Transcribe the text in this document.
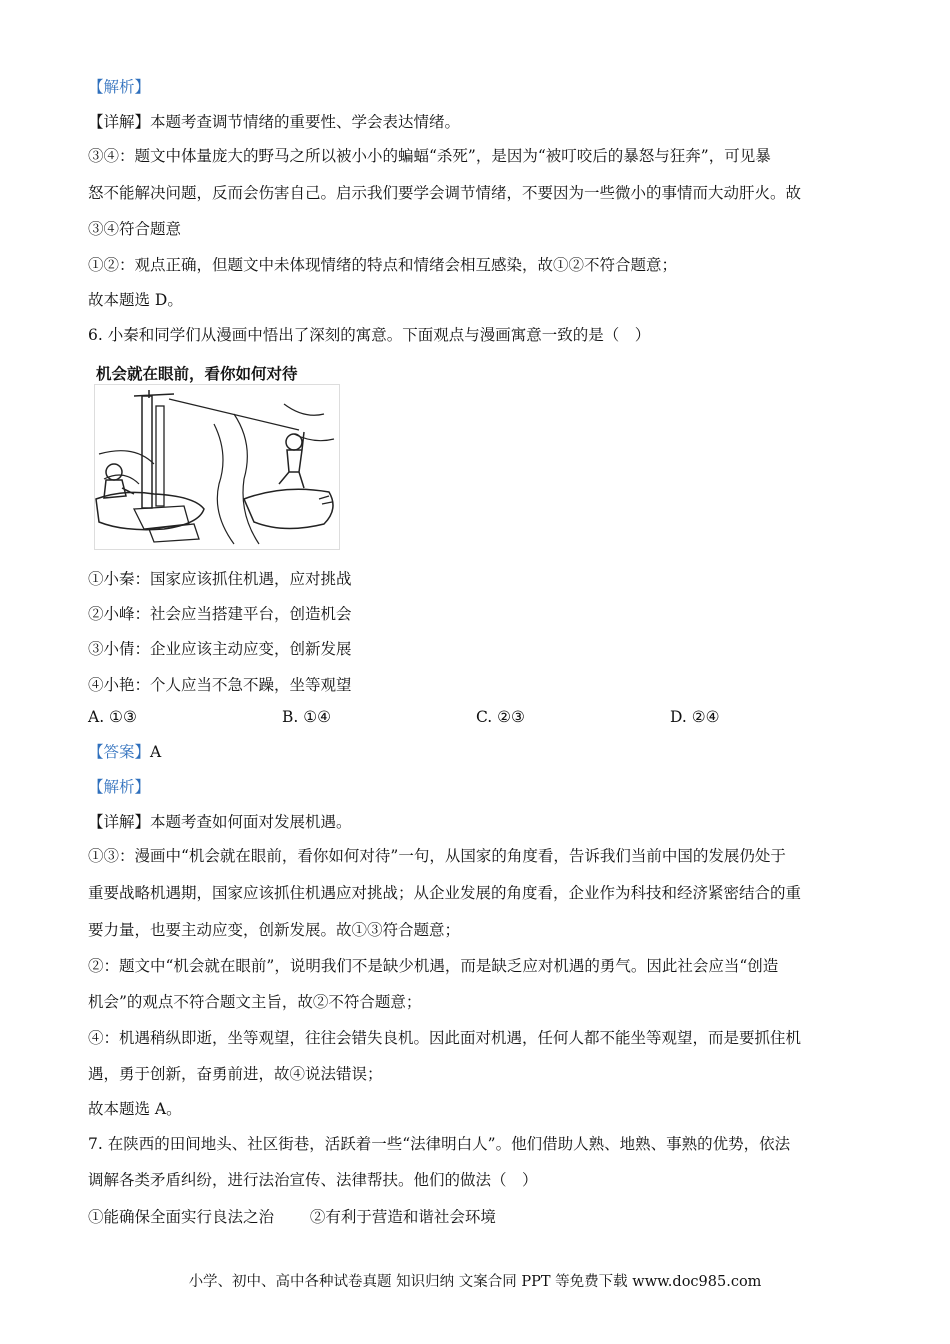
【解析】
【详解】本题考查调节情绪的重要性、学会表达情绪。
③④：题文中体量庞大的野马之所以被小小的蝙蝠“杀死”，是因为“被叮咬后的暴怒与狂奔”，可见暴
怒不能解决问题，反而会伤害自己。启示我们要学会调节情绪，不要因为一些微小的事情而大动肝火。故
③④符合题意
①②：观点正确，但题文中未体现情绪的特点和情绪会相互感染，故①②不符合题意；
故本题选 D。
6. 小秦和同学们从漫画中悟出了深刻的寓意。下面观点与漫画寓意一致的是（　）
机会就在眼前，看你如何对待
①小秦：国家应该抓住机遇，应对挑战
②小峰：社会应当搭建平台，创造机会
③小倩：企业应该主动应变，创新发展
④小艳：个人应当不急不躁，坐等观望
A. ①③	B. ①④	C. ②③	D. ②④
【答案】A
【解析】
【详解】本题考查如何面对发展机遇。
①③：漫画中“机会就在眼前，看你如何对待”一句，从国家的角度看，告诉我们当前中国的发展仍处于
重要战略机遇期，国家应该抓住机遇应对挑战；从企业发展的角度看，企业作为科技和经济紧密结合的重
要力量，也要主动应变，创新发展。故①③符合题意；
②：题文中“机会就在眼前”，说明我们不是缺少机遇，而是缺乏应对机遇的勇气。因此社会应当“创造
机会”的观点不符合题文主旨，故②不符合题意；
④：机遇稍纵即逝，坐等观望，往往会错失良机。因此面对机遇，任何人都不能坐等观望，而是要抓住机
遇，勇于创新，奋勇前进，故④说法错误；
故本题选 A。
7. 在陕西的田间地头、社区街巷，活跃着一些“法律明白人”。他们借助人熟、地熟、事熟的优势，依法
调解各类矛盾纠纷，进行法治宣传、法律帮扶。他们的做法（　）
①能确保全面实行良法之治　　 ②有利于营造和谐社会环境
小学、初中、高中各种试卷真题 知识归纳 文案合同 PPT 等免费下载 www.doc985.com
